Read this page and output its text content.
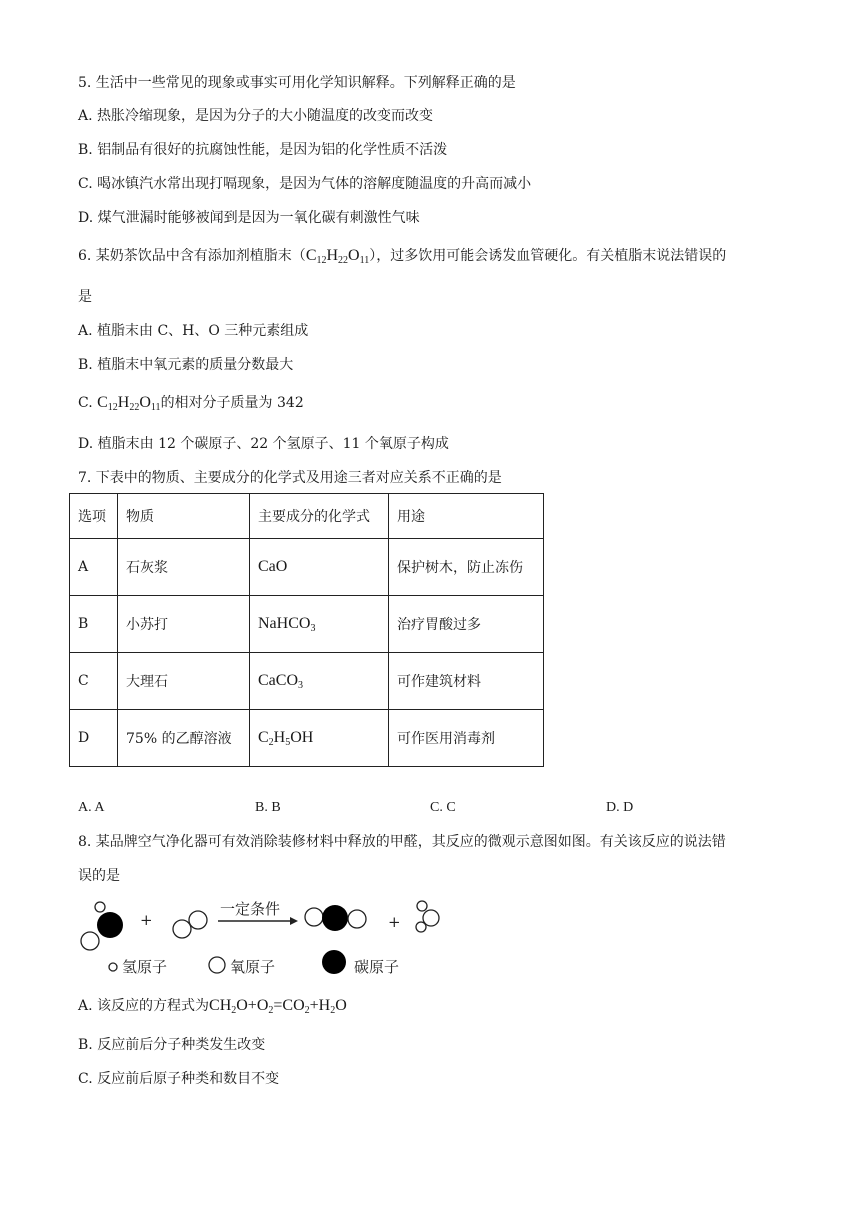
5. 生活中一些常见的现象或事实可用化学知识解释。下列解释正确的是
A. 热胀冷缩现象，是因为分子的大小随温度的改变而改变
B. 铝制品有很好的抗腐蚀性能，是因为铝的化学性质不活泼
C. 喝冰镇汽水常出现打嗝现象，是因为气体的溶解度随温度的升高而减小
D. 煤气泄漏时能够被闻到是因为一氧化碳有刺激性气味
6. 某奶茶饮品中含有添加剂植脂末$(C_{12}H_{22}O_{11})$，过多饮用可能会诱发血管硬化。有关植脂末说法错误的
是
A. 植脂末由 C、H、O 三种元素组成
B. 植脂末中氧元素的质量分数最大
C. $C_{12}H_{22}O_{11}$的相对分子质量为 342
D. 植脂末由 12 个碳原子、22 个氢原子、11 个氧原子构成
7. 下表中的物质、主要成分的化学式及用途三者对应关系不正确的是
选项	物质	主要成分的化学式	用途
A	石灰浆	CaO	保护树木，防止冻伤
B	小苏打	NaHCO$_3$	治疗胃酸过多
C	大理石	CaCO$_3$	可作建筑材料
D	75% 的乙醇溶液	$C_2H_5OH$	可作医用消毒剂
A. A	B. B	C. C	D. D
8. 某品牌空气净化器可有效消除装修材料中释放的甲醛，其反应的微观示意图如图。有关该反应的说法错
误的是
+
一定条件
+
氢原子	氧原子	碳原子
A. 该反应的方程式为$CH_2O+O_2=CO_2+H_2O$
B. 反应前后分子种类发生改变
C. 反应前后原子种类和数目不变
